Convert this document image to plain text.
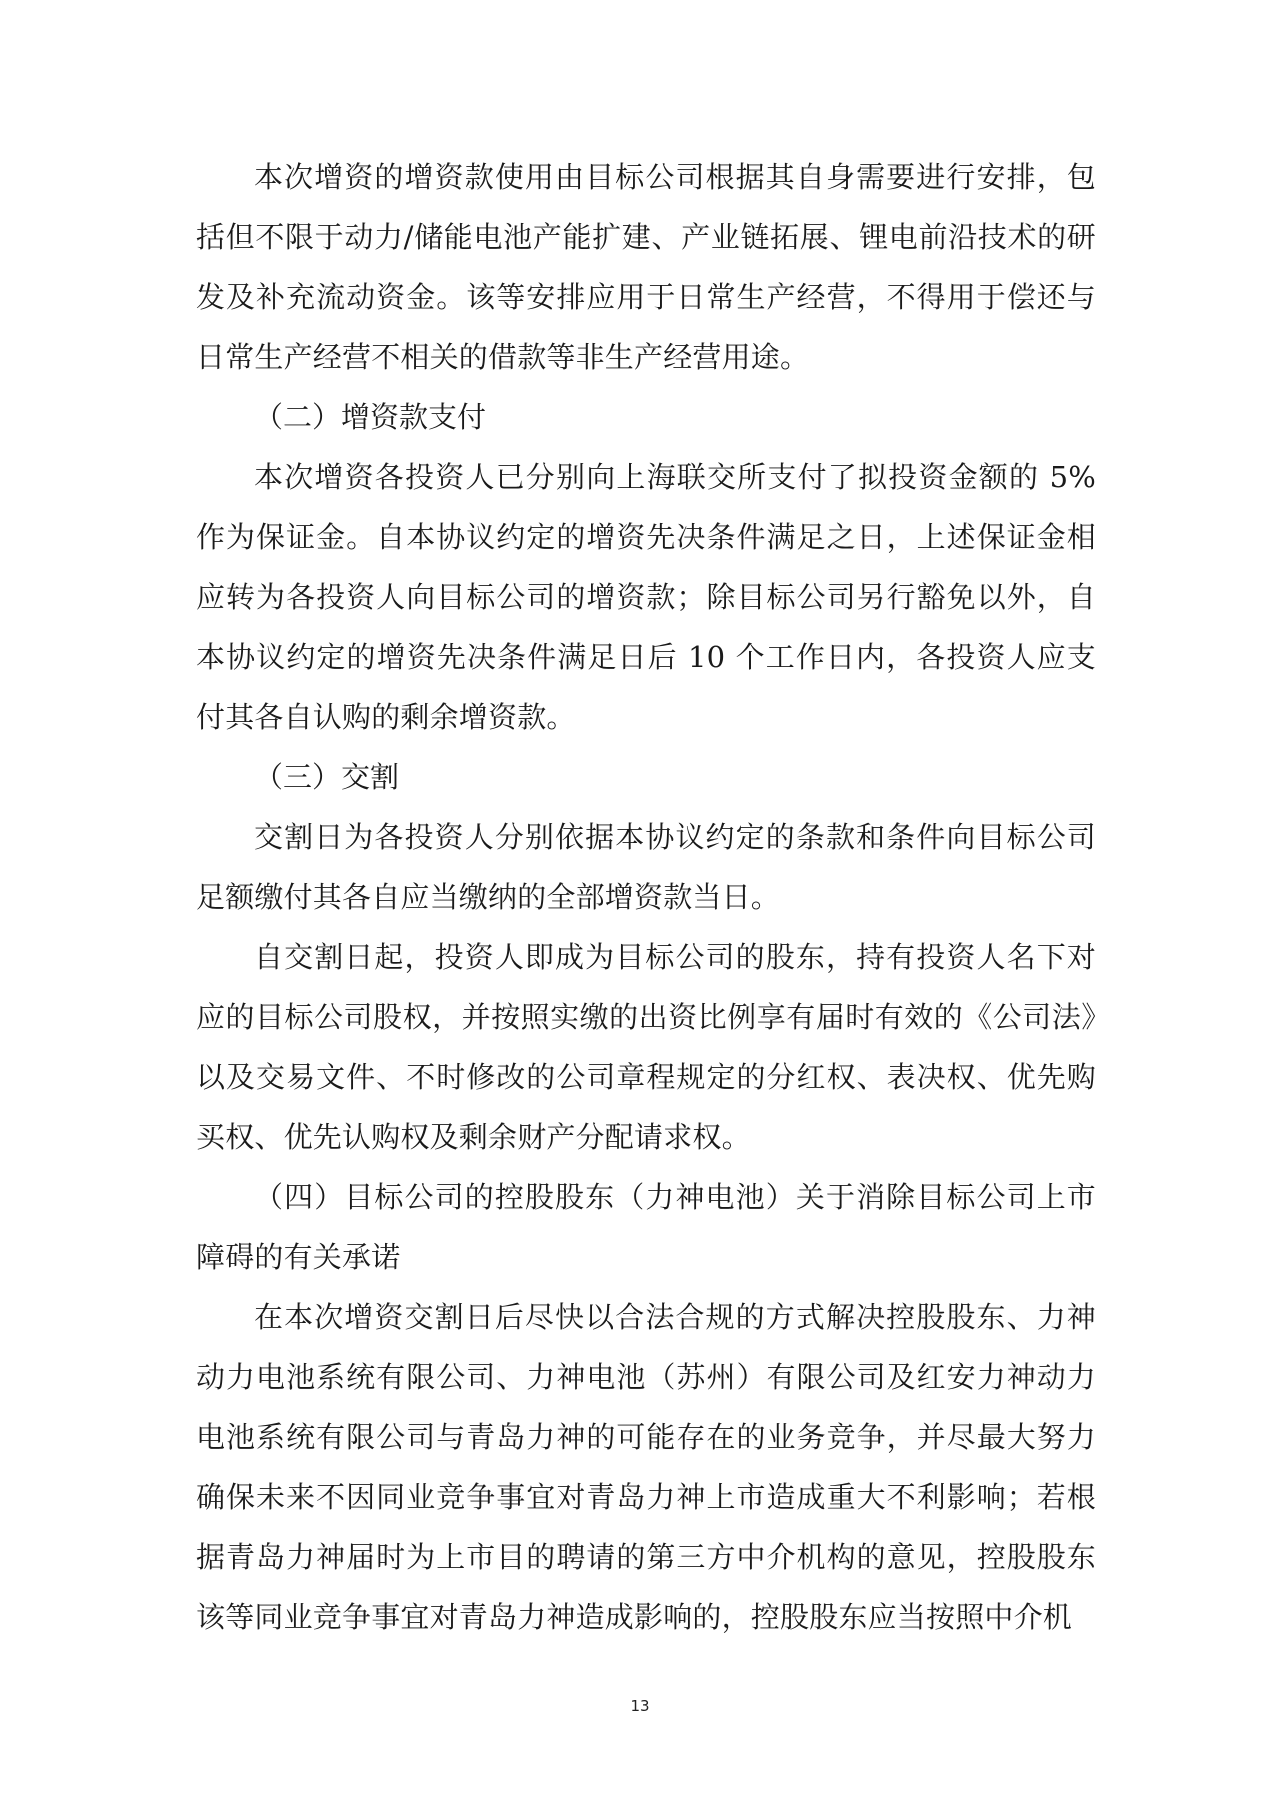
本次增资的增资款使用由目标公司根据其自身需要进行安排，包括但不限于动力/储能电池产能扩建、产业链拓展、锂电前沿技术的研发及补充流动资金。该等安排应用于日常生产经营，不得用于偿还与日常生产经营不相关的借款等非生产经营用途。

（二）增资款支付

本次增资各投资人已分别向上海联交所支付了拟投资金额的 5%作为保证金。自本协议约定的增资先决条件满足之日，上述保证金相应转为各投资人向目标公司的增资款；除目标公司另行豁免以外，自本协议约定的增资先决条件满足日后 10 个工作日内，各投资人应支付其各自认购的剩余增资款。

（三）交割

交割日为各投资人分别依据本协议约定的条款和条件向目标公司足额缴付其各自应当缴纳的全部增资款当日。

自交割日起，投资人即成为目标公司的股东，持有投资人名下对应的目标公司股权，并按照实缴的出资比例享有届时有效的《公司法》以及交易文件、不时修改的公司章程规定的分红权、表决权、优先购买权、优先认购权及剩余财产分配请求权。

（四）目标公司的控股股东（力神电池）关于消除目标公司上市障碍的有关承诺

在本次增资交割日后尽快以合法合规的方式解决控股股东、力神动力电池系统有限公司、力神电池（苏州）有限公司及红安力神动力电池系统有限公司与青岛力神的可能存在的业务竞争，并尽最大努力确保未来不因同业竞争事宜对青岛力神上市造成重大不利影响；若根据青岛力神届时为上市目的聘请的第三方中介机构的意见，控股股东该等同业竞争事宜对青岛力神造成影响的，控股股东应当按照中介机

13
